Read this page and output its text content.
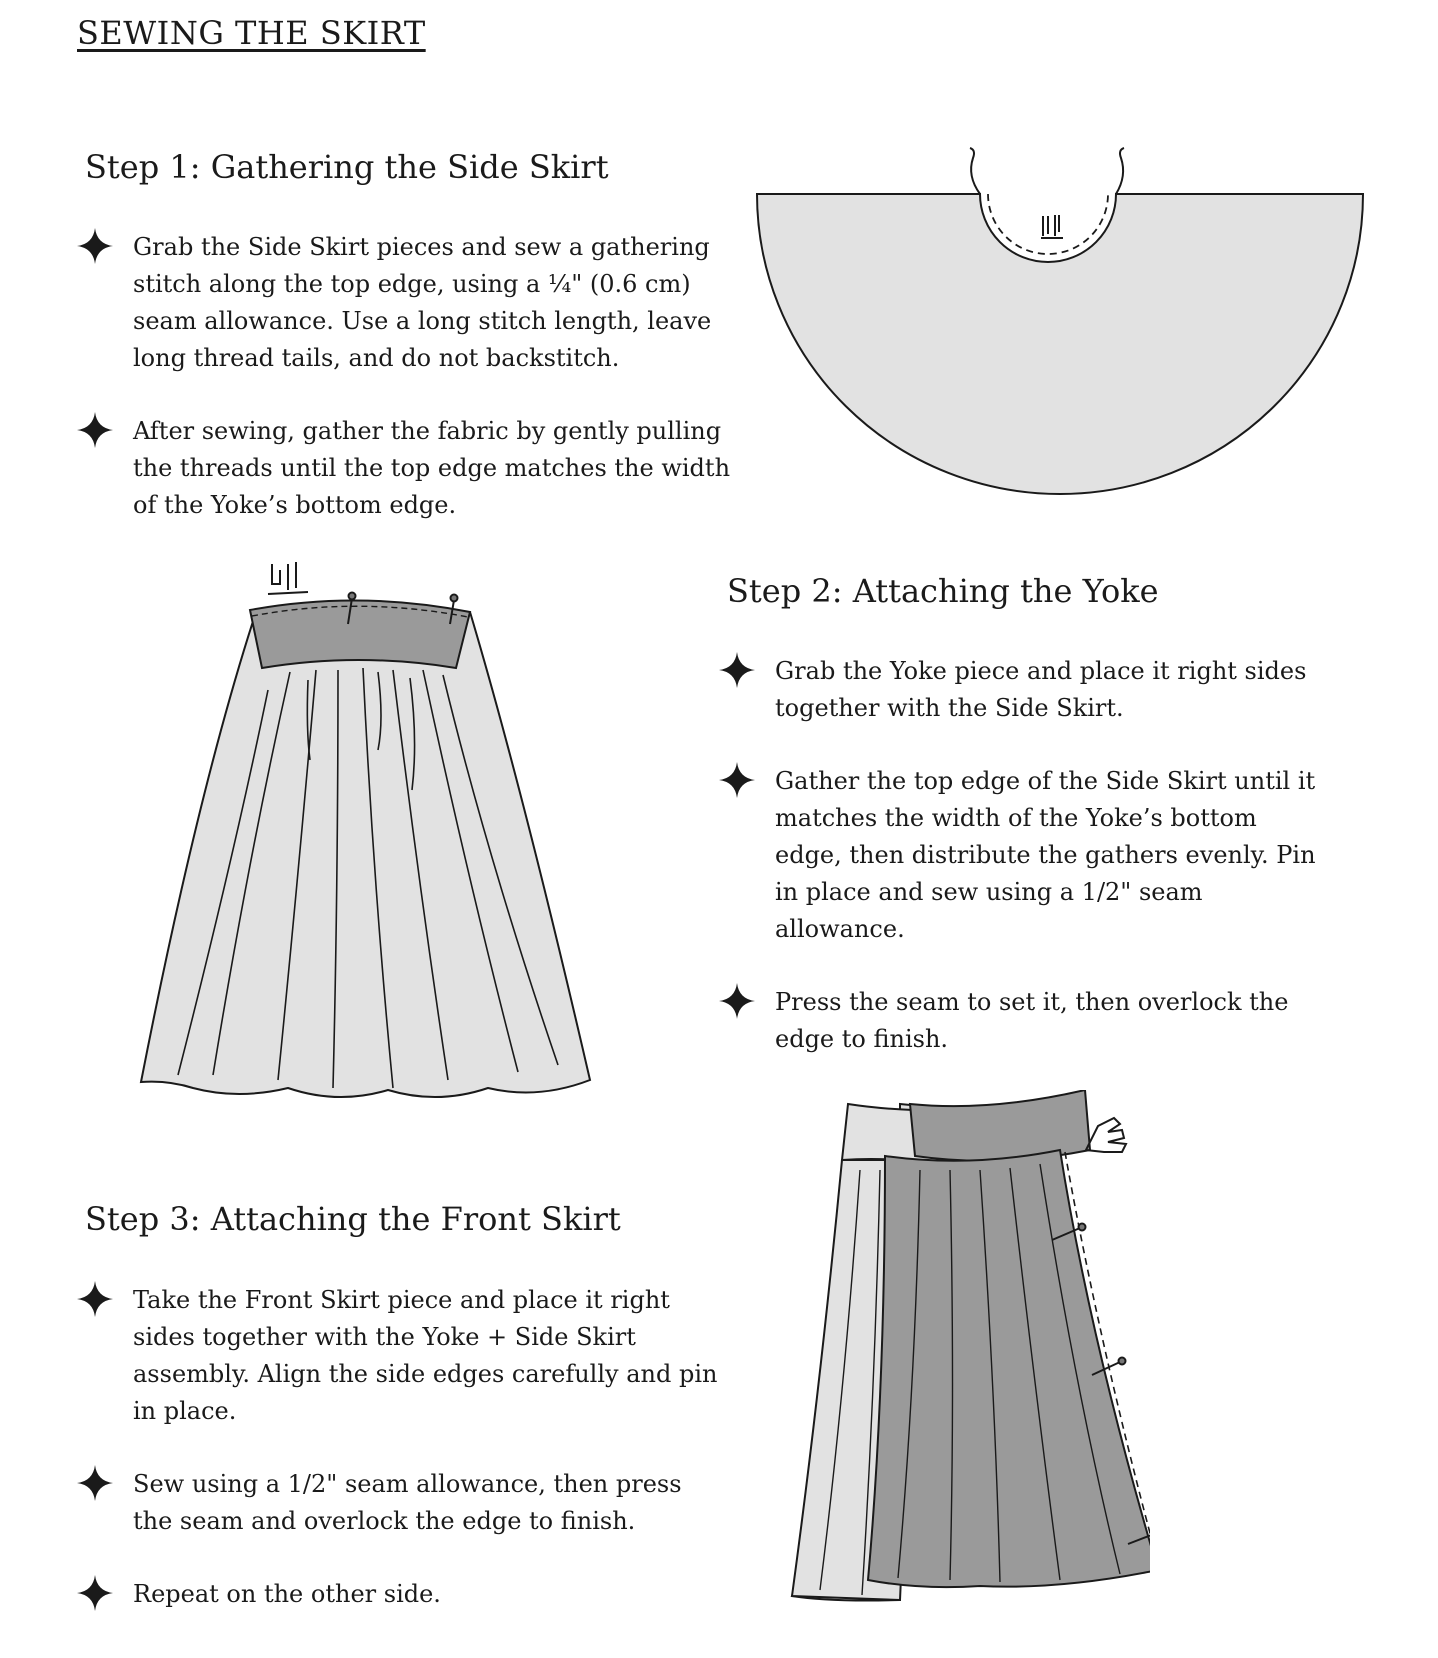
SEWING THE SKIRT
Step 1: Gathering the Side Skirt
Grab the Side Skirt pieces and sew a gathering stitch along the top edge, using a ¼" (0.6 cm) seam allowance. Use a long stitch length, leave long thread tails, and do not backstitch.
After sewing, gather the fabric by gently pulling the threads until the top edge matches the width of the Yoke’s bottom edge.
Step 2: Attaching the Yoke
Grab the Yoke piece and place it right sides together with the Side Skirt.
Gather the top edge of the Side Skirt until it matches the width of the Yoke’s bottom edge, then distribute the gathers evenly. Pin in place and sew using a 1/2" seam allowance.
Press the seam to set it, then overlock the edge to finish.
Step 3: Attaching the Front Skirt
Take the Front Skirt piece and place it right sides together with the Yoke + Side Skirt assembly. Align the side edges carefully and pin in place.
Sew using a 1/2" seam allowance, then press the seam and overlock the edge to finish.
Repeat on the other side.
